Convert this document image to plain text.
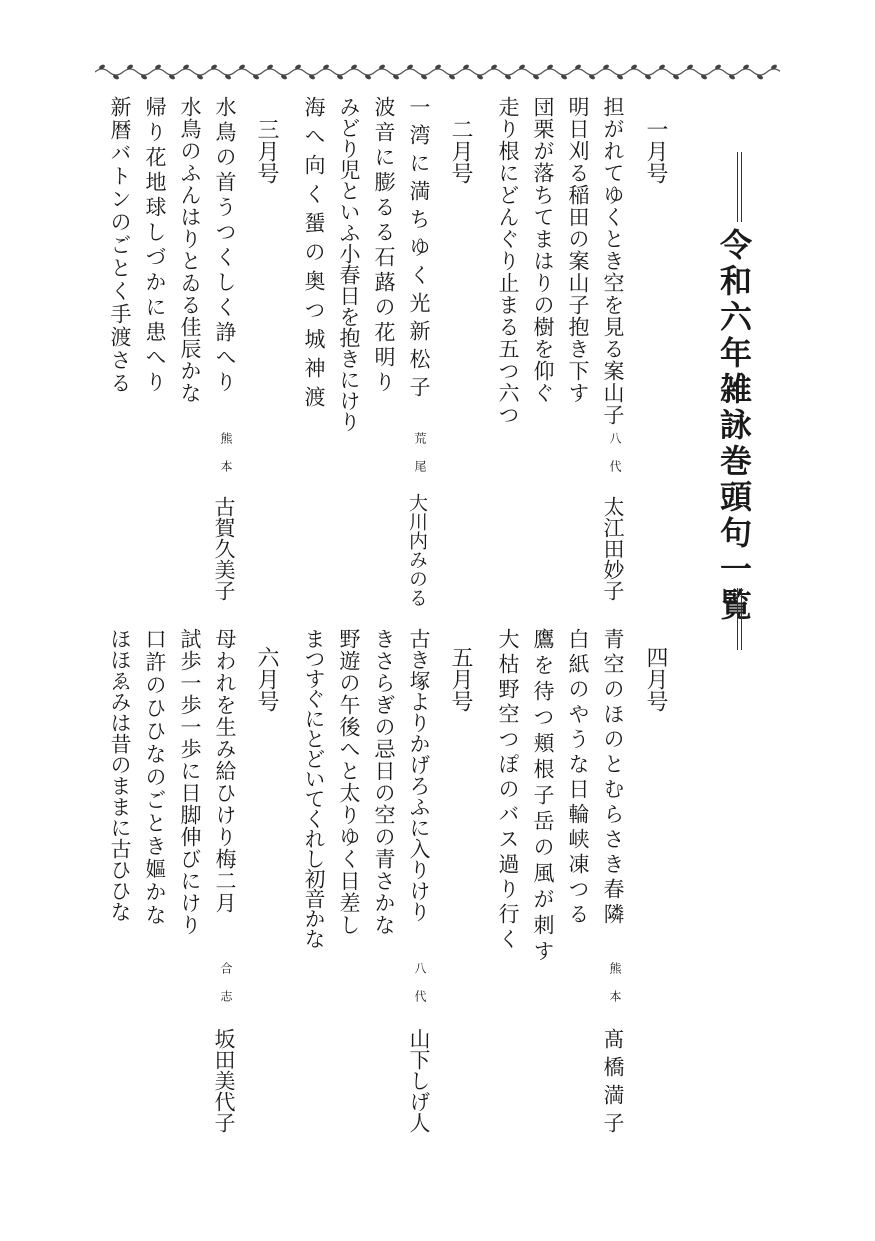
令和六年雑詠巻頭句一覧
一月号
担がれてゆくとき空を見る案山子
明日刈る稲田の案山子抱き下す
団栗が落ちてまはりの樹を仰ぐ
走り根にどんぐり止まる五つ六つ
八代
太江田妙子
二月号
一湾に満ちゆく光新松子
波音に膨るる石蕗の花明り
みどり児といふ小春日を抱きにけり
海へ向く蜑の奥つ城神渡
荒尾
大川内みのる
三月号
水鳥の首うつくしく諍へり
水鳥のふんはりとゐる佳辰かな
帰り花地球しづかに患へり
新暦バトンのごとく手渡さる
熊本
古賀久美子
四月号
青空のほのとむらさき春隣
白紙のやうな日輪峡凍つる
鷹を待つ頬根子岳の風が刺す
大枯野空つぽのバス過り行く
熊本
髙橋満子
五月号
古き塚よりかげろふに入りけり
きさらぎの忌日の空の青さかな
野遊の午後へと太りゆく日差し
まつすぐにとどいてくれし初音かな
八代
山下しげ人
六月号
母われを生み給ひけり梅二月
試歩一歩一歩に日脚伸びにけり
口許のひひなのごとき嫗かな
ほほゑみは昔のままに古ひひな
合志
坂田美代子
